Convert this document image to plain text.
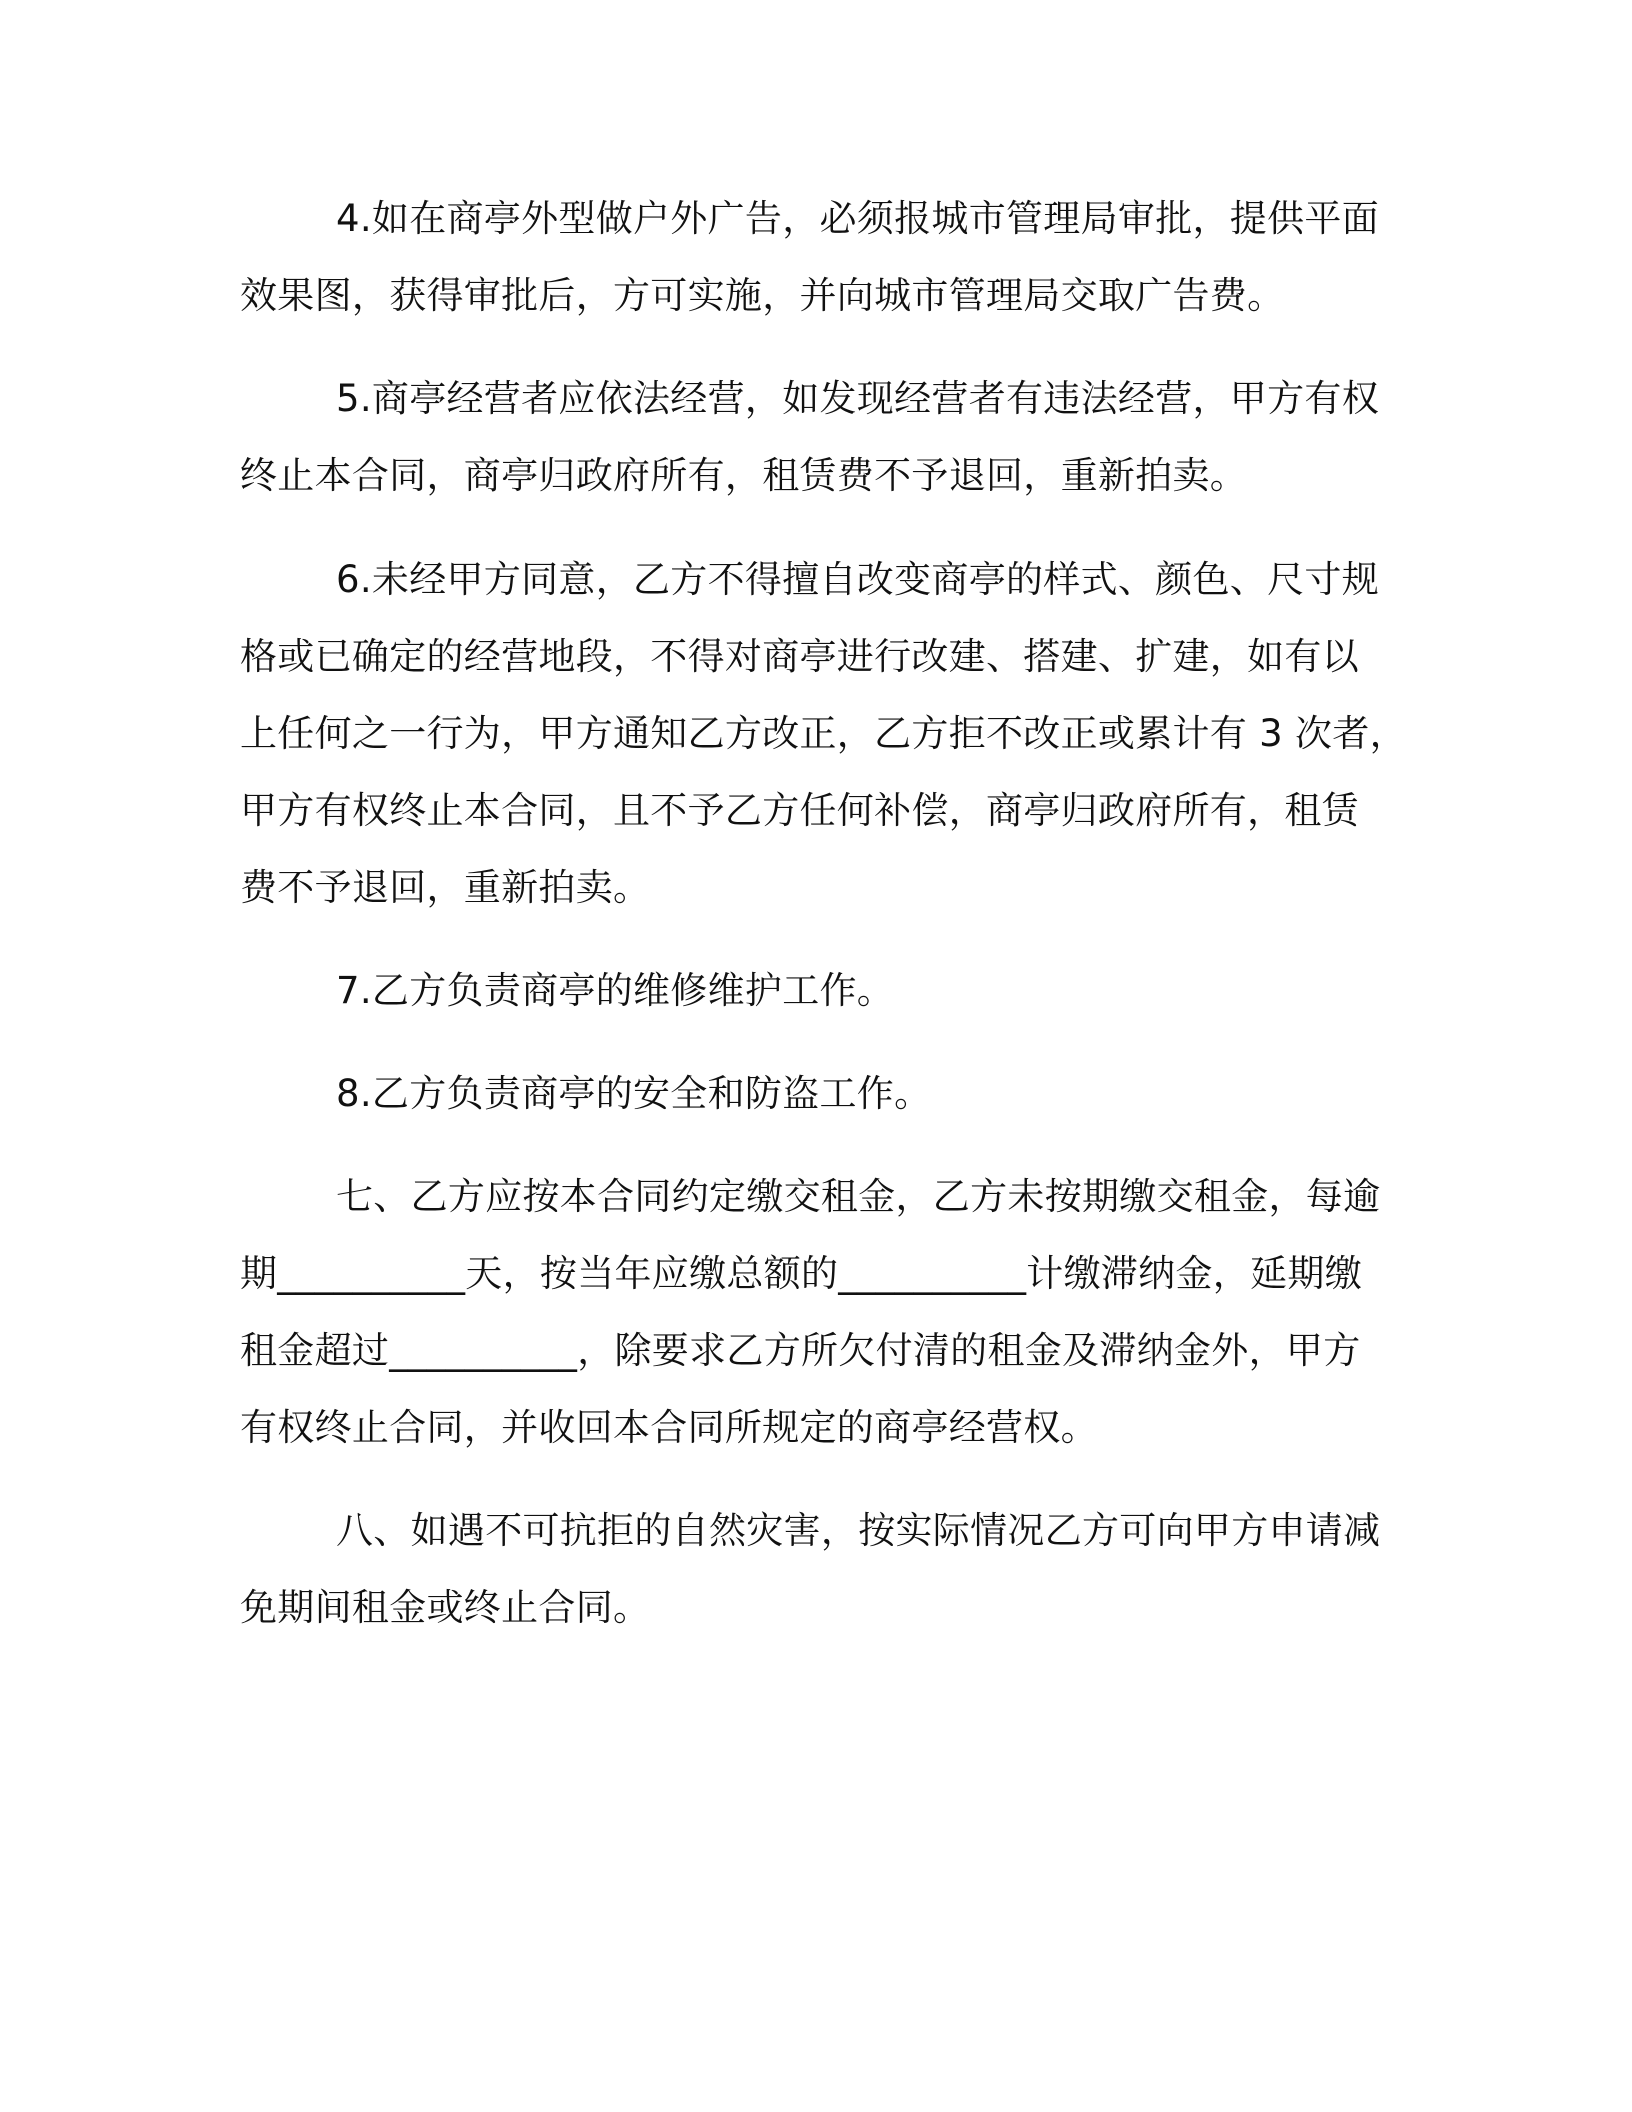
4.如在商亭外型做户外广告，必须报城市管理局审批，提供平面
效果图，获得审批后，方可实施，并向城市管理局交取广告费。
5.商亭经营者应依法经营，如发现经营者有违法经营，甲方有权
终止本合同，商亭归政府所有，租赁费不予退回，重新拍卖。
6.未经甲方同意，乙方不得擅自改变商亭的样式、颜色、尺寸规
格或已确定的经营地段，不得对商亭进行改建、搭建、扩建，如有以
上任何之一行为，甲方通知乙方改正，乙方拒不改正或累计有 3 次者，
甲方有权终止本合同，且不予乙方任何补偿，商亭归政府所有，租赁
费不予退回，重新拍卖。
7.乙方负责商亭的维修维护工作。
8.乙方负责商亭的安全和防盗工作。
七、乙方应按本合同约定缴交租金，乙方未按期缴交租金，每逾
期__________天，按当年应缴总额的__________计缴滞纳金，延期缴
租金超过__________，除要求乙方所欠付清的租金及滞纳金外，甲方
有权终止合同，并收回本合同所规定的商亭经营权。
八、如遇不可抗拒的自然灾害，按实际情况乙方可向甲方申请减
免期间租金或终止合同。
